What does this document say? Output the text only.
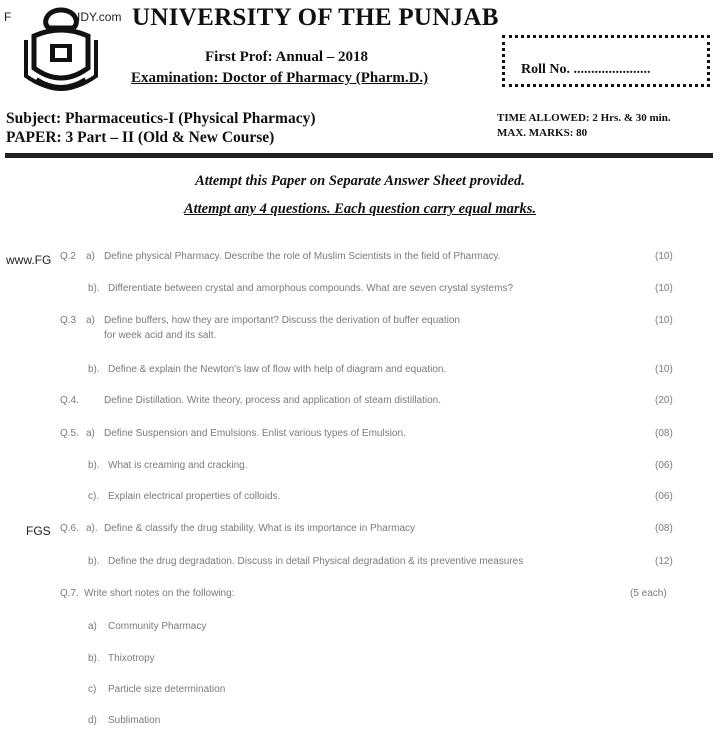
F	IDY.com
www.FG
FGS
UNIVERSITY OF THE PUNJAB
First Prof: Annual – 2018
Examination: Doctor of Pharmacy (Pharm.D.)
Roll No. ......................
Subject: Pharmaceutics-I (Physical Pharmacy)
PAPER: 3 Part – II (Old & New Course)
TIME ALLOWED: 2 Hrs. & 30 min.
MAX. MARKS: 80
Attempt this Paper on Separate Answer Sheet provided.
Attempt any 4 questions. Each question carry equal marks.
Q.2 a) Define physical Pharmacy. Describe the role of Muslim Scientists in the field of Pharmacy.	(10)
b). Differentiate between crystal and amorphous compounds. What are seven crystal systems?	(10)
Q.3 a) Define buffers, how they are important? Discuss the derivation of buffer equation
for week acid and its salt.
(10)
b). Define & explain the Newton's law of flow with help of diagram and equation.	(10)
Q.4.	Define Distillation. Write theory, process and application of steam distillation.	(20)
Q.5. a) Define Suspension and Emulsions. Enlist various types of Emulsion.	(08)
b). What is creaming and cracking.	(06)
c). Explain electrical properties of colloids.	(06)
Q.6. a). Define & classify the drug stability. What is its importance in Pharmacy	(08)
b). Define the drug degradation. Discuss in detail Physical degradation & its preventive measures	(12)
Q.7. Write short notes on the following:	(5 each)
a) Community Pharmacy
b). Thixotropy
c) Particle size determination
d) Sublimation
